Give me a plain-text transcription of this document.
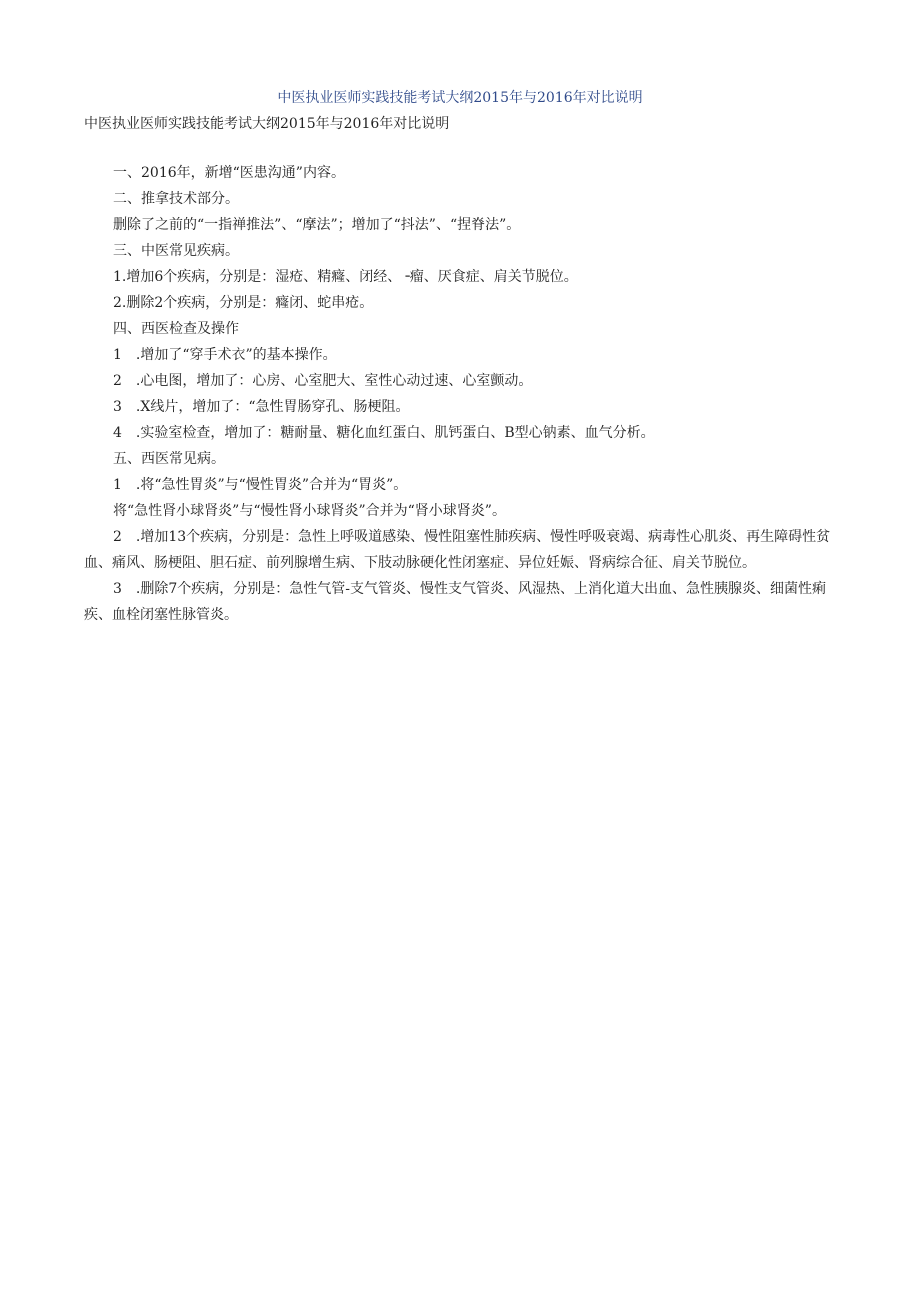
中医执业医师实践技能考试大纲2015年与2016年对比说明
中医执业医师实践技能考试大纲2015年与2016年对比说明

一、2016年，新增“医患沟通”内容。

二、推拿技术部分。

删除了之前的“一指禅推法”、“摩法”；增加了“抖法”、“捏脊法”。

三、中医常见疾病。

1.增加6个疾病，分别是：湿疮、精癃、闭经、╶瘤、厌食症、肩关节脱位。

2.删除2个疾病，分别是：癃闭、蛇串疮。

四、西医检查及操作

1　.增加了“穿手术衣”的基本操作。

2　.心电图，增加了：心房、心室肥大、室性心动过速、心室颤动。

3　.X线片，增加了：“急性胃肠穿孔、肠梗阻。

4　.实验室检查，增加了：糖耐量、糖化血红蛋白、肌钙蛋白、B型心钠素、血气分析。

五、西医常见病。

1　.将“急性胃炎”与“慢性胃炎”合并为“胃炎”。

将“急性肾小球肾炎”与“慢性肾小球肾炎”合并为“肾小球肾炎”。

2　.增加13个疾病，分别是：急性上呼吸道感染、慢性阻塞性肺疾病、慢性呼吸衰竭、病毒性心肌炎、再生障碍性贫血、痛风、肠梗阻、胆石症、前列腺增生病、下肢动脉硬化性闭塞症、异位妊娠、肾病综合征、肩关节脱位。

3　.删除7个疾病，分别是：急性气管-支气管炎、慢性支气管炎、风湿热、上消化道大出血、急性胰腺炎、细菌性痢疾、血栓闭塞性脉管炎。
